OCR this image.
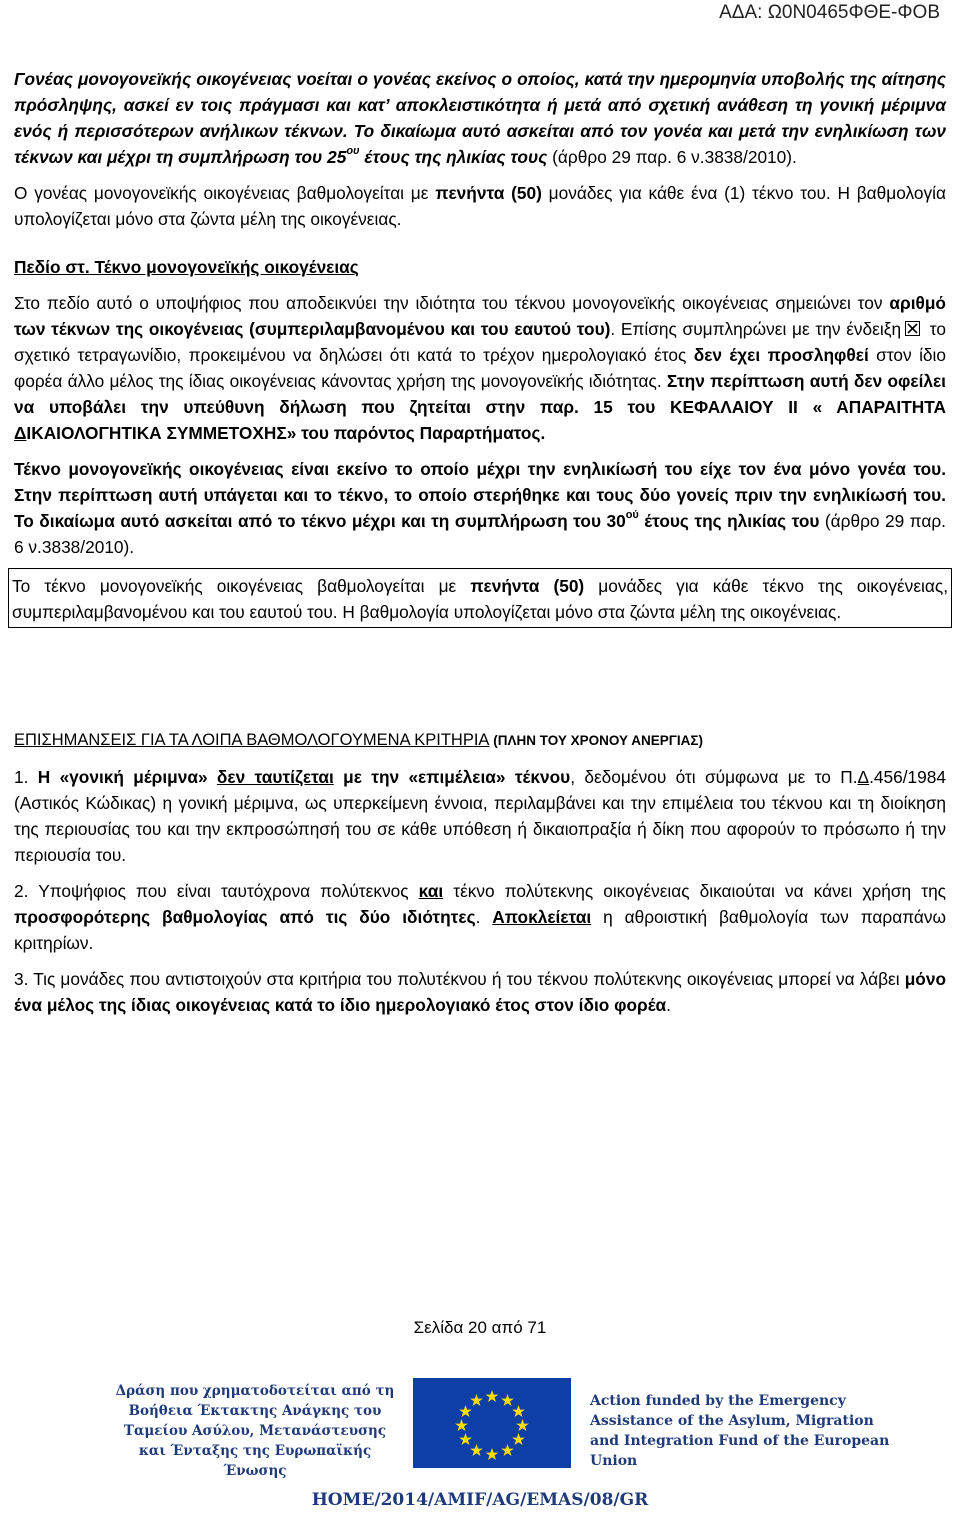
ΑΔΑ: Ω0Ν0465ΦΘΕ-ΦΟΒ

Γονέας μονογονεϊκής οικογένειας νοείται ο γονέας εκείνος ο οποίος, κατά την ημερομηνία υποβολής της αίτησης πρόσληψης, ασκεί εν τοις πράγμασι και κατ’ αποκλειστικότητα ή μετά από σχετική ανάθεση τη γονική μέριμνα ενός ή περισσότερων ανήλικων τέκνων. Το δικαίωμα αυτό ασκείται από τον γονέα και μετά την ενηλικίωση των τέκνων και μέχρι τη συμπλήρωση του $25^{o\upsilon}$ έτους της ηλικίας τους (άρθρο 29 παρ. 6 ν.3838/2010).

Ο γονέας μονογονεϊκής οικογένειας βαθμολογείται με πενήντα (50) μονάδες για κάθε ένα (1) τέκνο του. Η βαθμολογία υπολογίζεται μόνο στα ζώντα μέλη της οικογένειας.

Πεδίο στ. Τέκνο μονογονεϊκής οικογένειας

Στο πεδίο αυτό ο υποψήφιος που αποδεικνύει την ιδιότητα του τέκνου μονογονεϊκής οικογένειας σημειώνει τον αριθμό των τέκνων της οικογένειας (συμπεριλαμβανομένου και του εαυτού του). Επίσης συμπληρώνει με την ένδειξη
το σχετικό τετραγωνίδιο, προκειμένου να δηλώσει ότι κατά το τρέχον ημερολογιακό έτος δεν έχει προσληφθεί στον ίδιο φορέα άλλο μέλος της ίδιας οικογένειας κάνοντας χρήση της μονογονεϊκής ιδιότητας. Στην περίπτωση αυτή δεν οφείλει να υποβάλει την υπεύθυνη δήλωση που ζητείται στην παρ. 15 του ΚΕΦΑΛΑΙΟΥ ΙΙ « ΑΠΑΡΑΙΤΗΤΑ ΔΙΚΑΙΟΛΟΓΗΤΙΚΑ ΣΥΜΜΕΤΟΧΗΣ» του παρόντος Παραρτήματος.

Τέκνο μονογονεϊκής οικογένειας είναι εκείνο το οποίο μέχρι την ενηλικίωσή του είχε τον ένα μόνο γονέα του. Στην περίπτωση αυτή υπάγεται και το τέκνο, το οποίο στερήθηκε και τους δύο γονείς πριν την ενηλικίωσή του. Το δικαίωμα αυτό ασκείται από το τέκνο μέχρι και τη συμπλήρωση του $30^{oύ}$ έτους της ηλικίας του (άρθρο 29 παρ. 6 ν.3838/2010).

Το τέκνο μονογονεϊκής οικογένειας βαθμολογείται με πενήντα (50) μονάδες για κάθε τέκνο της οικογένειας, συμπεριλαμβανομένου και του εαυτού του. Η βαθμολογία υπολογίζεται μόνο στα ζώντα μέλη της οικογένειας.

ΕΠΙΣΗΜΑΝΣΕΙΣ ΓΙΑ ΤΑ ΛΟΙΠΑ ΒΑΘΜΟΛΟΓΟΥΜΕΝΑ ΚΡΙΤΗΡΙΑ (ΠΛΗΝ ΤΟΥ ΧΡΟΝΟΥ ΑΝΕΡΓΙΑΣ)

1. Η «γονική μέριμνα» δεν ταυτίζεται με την «επιμέλεια» τέκνου, δεδομένου ότι σύμφωνα με το Π.Δ.456/1984 (Αστικός Κώδικας) η γονική μέριμνα, ως υπερκείμενη έννοια, περιλαμβάνει και την επιμέλεια του τέκνου και τη διοίκηση της περιουσίας του και την εκπροσώπησή του σε κάθε υπόθεση ή δικαιοπραξία ή δίκη που αφορούν το πρόσωπο ή την περιουσία του.

2. Υποψήφιος που είναι ταυτόχρονα πολύτεκνος και τέκνο πολύτεκνης οικογένειας δικαιούται να κάνει χρήση της προσφορότερης βαθμολογίας από τις δύο ιδιότητες. Αποκλείεται η αθροιστική βαθμολογία των παραπάνω κριτηρίων.

3. Τις μονάδες που αντιστοιχούν στα κριτήρια του πολυτέκνου ή του τέκνου πολύτεκνης οικογένειας μπορεί να λάβει μόνο ένα μέλος της ίδιας οικογένειας κατά το ίδιο ημερολογιακό έτος στον ίδιο φορέα.

Σελίδα 20 από 71
Δράση που χρηματοδοτείται από τη Βοήθεια Έκτακτης Ανάγκης του Ταμείου Ασύλου, Μετανάστευσης και Ένταξης της Ευρωπαϊκής Ένωσης
Action funded by the Emergency Assistance of the Asylum, Migration and Integration Fund of the European Union
HOME/2014/AMIF/AG/EMAS/08/GR
